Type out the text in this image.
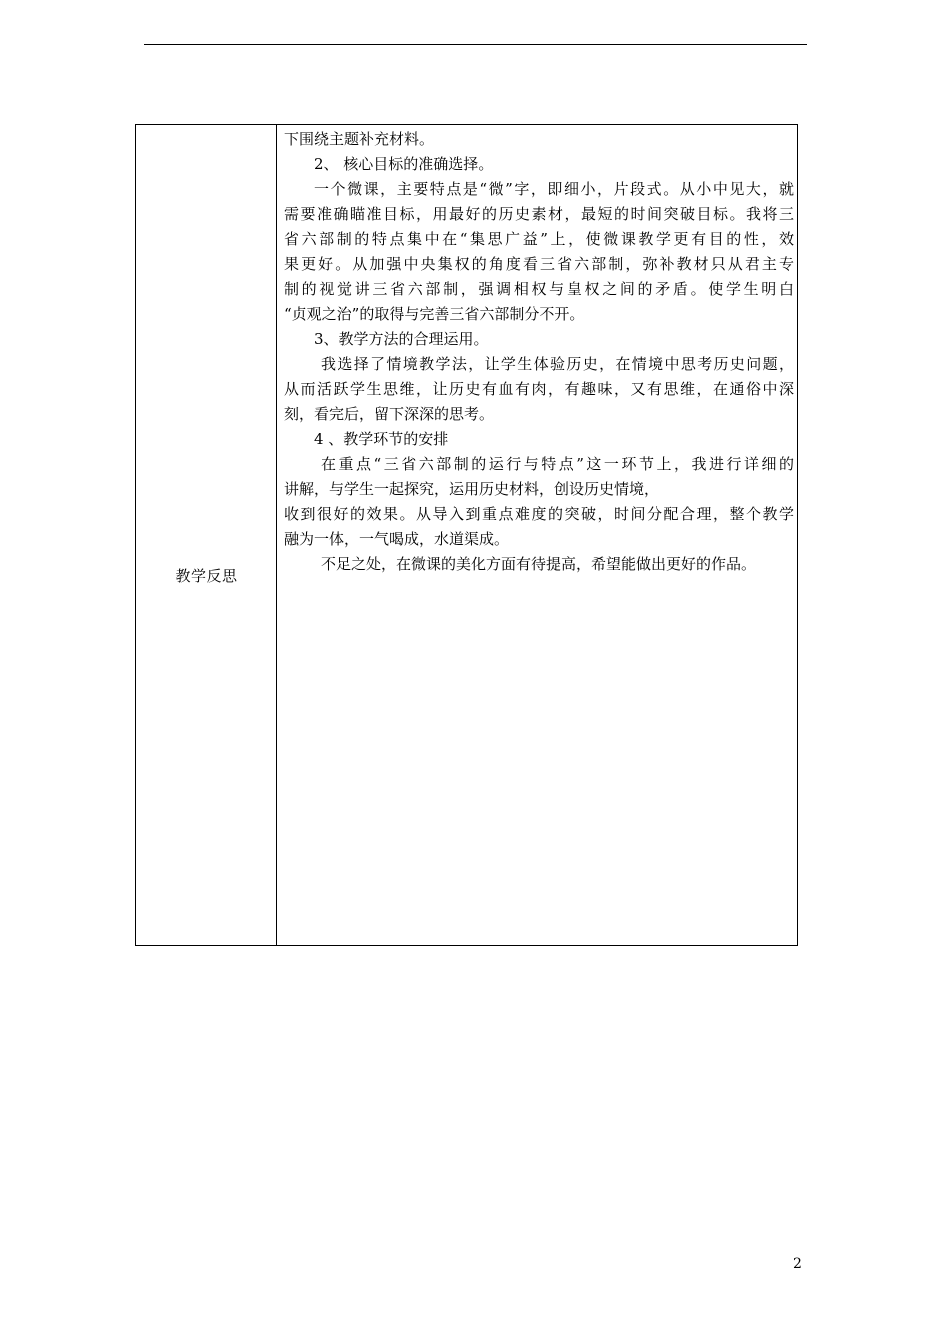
教学反思
下围绕主题补充材料。
2、 核心目标的准确选择。
一个微课，主要特点是“微”字，即细小，片段式。从小中见大，就
需要准确瞄准目标，用最好的历史素材，最短的时间突破目标。我将三
省六部制的特点集中在“集思广益”上，使微课教学更有目的性，效
果更好。从加强中央集权的角度看三省六部制，弥补教材只从君主专
制的视觉讲三省六部制，强调相权与皇权之间的矛盾。使学生明白
“贞观之治”的取得与完善三省六部制分不开。
3、教学方法的合理运用。
我选择了情境教学法，让学生体验历史，在情境中思考历史问题，
从而活跃学生思维，让历史有血有肉，有趣味，又有思维，在通俗中深
刻，看完后，留下深深的思考。
4 、教学环节的安排
在重点“三省六部制的运行与特点”这一环节上，我进行详细的
讲解，与学生一起探究，运用历史材料，创设历史情境，
收到很好的效果。从导入到重点难度的突破，时间分配合理，整个教学
融为一体，一气喝成，水道渠成。
不足之处，在微课的美化方面有待提高，希望能做出更好的作品。
2
